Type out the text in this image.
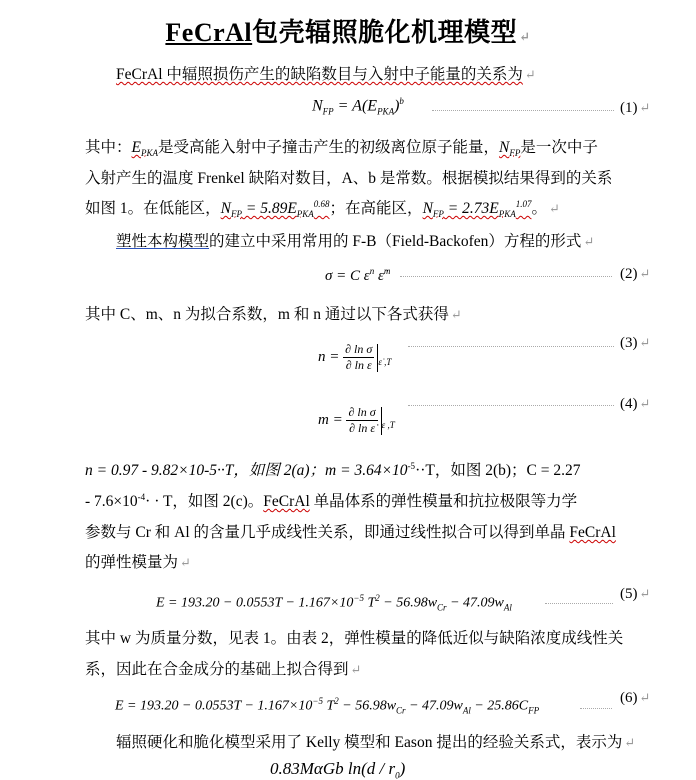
FeCrAl包壳辐照脆化机理模型 ↵
FeCrAl 中辐照损伤产生的缺陷数目与入射中子能量的关系为 ↵
$N_{FP} = A(E_{PKA})^b$	(1) ↵
其中：$E_{PKA}$是受高能入射中子撞击产生的初级离位原子能量，$N_{FP}$是一次中子
入射产生的温度 Frenkel 缺陷对数目，A、b 是常数。根据模拟结果得到的关系
如图 1。在低能区，$N_{FP} = 5.89E_{PKA}^{0.68}$；在高能区，$N_{FP} = 2.73E_{PKA}^{1.07}$。 ↵
塑性本构模型的建立中采用常用的 F-B（Field-Backofen）方程的形式 ↵
σ = C $\varepsilon^n$ ε̇$^m$	(2) ↵
其中 C、m、n 为拟合系数，m 和 n 通过以下各式获得 ↵
$n = \frac{\text{∂ ln σ}}{\text{∂ ln ε}} _{\varepsiloṅ ,T}$
(3) ↵
$m = \frac{\text{∂ ln σ}}{\text{∂ ln ε̇}} _{\varepsilon ,T}$
(4) ↵
n = 0.97 ‐ 9.82×10-5··T，如图 2(a)；$m = 3.64\times 10^{‐5}\cdot\cdot T$，如图 2(b)；C = 2.27
‐ $7.6\times 10^{‐4}\cdot \cdot T$，如图 2(c)。FeCrAl 单晶体系的弹性模量和抗拉极限等力学
参数与 Cr 和 Al 的含量几乎成线性关系，即通过线性拟合可以得到单晶 FeCrAl
的弹性模量为 ↵
$E = 193.20 - 0.0553T - 1.167\times 10^{-5}$ $T^2 - 56.98w_{Cr} - 47.09w_{Al}$
(5) ↵
其中 w 为质量分数，见表 1。由表 2，弹性模量的降低近似与缺陷浓度成线性关
系，因此在合金成分的基础上拟合得到 ↵
$E = 193.20 - 0.0553T - 1.167\times 10^{-5}$ $T^2 - 56.98w_{Cr} - 47.09w_{Al} - 25.86C_{FP}$
(6) ↵
辐照硬化和脆化模型采用了 Kelly 模型和 Eason 提出的经验关系式，表示为 ↵
0.83MαGb $\ln(d / r_0)$
